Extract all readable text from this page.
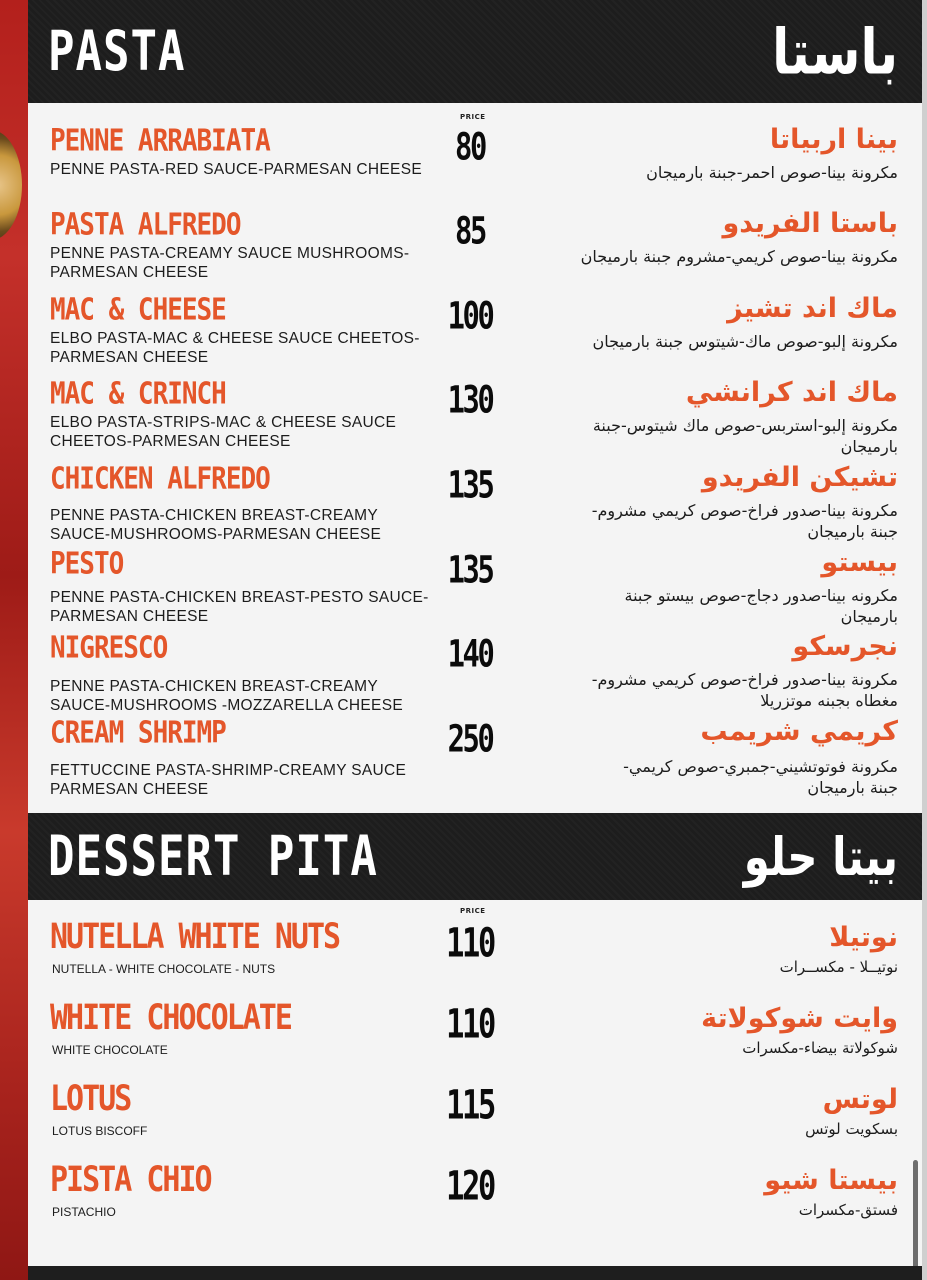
PASTA	باستا
PRICE
PENNE ARRABIATA
PENNE PASTA-RED SAUCE-PARMESAN CHEESE
80	بينا اربياتا
مكرونة بينا-صوص احمر-جبنة بارميجان
PASTA ALFREDO
PENNE PASTA-CREAMY SAUCE MUSHROOMS-PARMESAN CHEESE
85	باستا الفريدو
مكرونة بينا-صوص كريمي-مشروم جبنة بارميجان
MAC & CHEESE
ELBO PASTA-MAC & CHEESE SAUCE CHEETOS-PARMESAN CHEESE
100	ماك اند تشيز
مكرونة إلبو-صوص ماك-شيتوس جبنة بارميجان
MAC & CRINCH
ELBO PASTA-STRIPS-MAC & CHEESE SAUCE CHEETOS-PARMESAN CHEESE
130	ماك اند كرانشي
مكرونة إلبو-استربس-صوص ماك شيتوس-جبنة بارميجان
CHICKEN ALFREDO
PENNE PASTA-CHICKEN BREAST-CREAMY SAUCE-MUSHROOMS-PARMESAN CHEESE
135	تشيكن الفريدو
مكرونة بينا-صدور فراخ-صوص كريمي مشروم-جبنة بارميجان
PESTO
PENNE PASTA-CHICKEN BREAST-PESTO SAUCE-PARMESAN CHEESE
135	بيستو
مكرونه بينا-صدور دجاج-صوص بيستو جبنة بارميجان
NIGRESCO
PENNE PASTA-CHICKEN BREAST-CREAMY SAUCE-MUSHROOMS -MOZZARELLA CHEESE
140	نجرسكو
مكرونة بينا-صدور فراخ-صوص كريمي مشروم-مغطاه بجبنه موتزريلا
CREAM SHRIMP
FETTUCCINE PASTA-SHRIMP-CREAMY SAUCE PARMESAN CHEESE
250	كريمي شريمب
مكرونة فوتوتشيني-جمبري-صوص كريمي-جبنة بارميجان
DESSERT PITA	بيتا حلو
PRICE
NUTELLA WHITE NUTS
NUTELLA - WHITE CHOCOLATE - NUTS
110	نوتيلا
نوتيــلا - مكســرات
WHITE CHOCOLATE
WHITE CHOCOLATE
110	وايت شوكولاتة
شوكولاتة بيضاء-مكسرات
LOTUS
LOTUS BISCOFF
115	لوتس
بسكويت لوتس
PISTA CHIO
PISTACHIO
120	بيستا شيو
فستق-مكسرات
